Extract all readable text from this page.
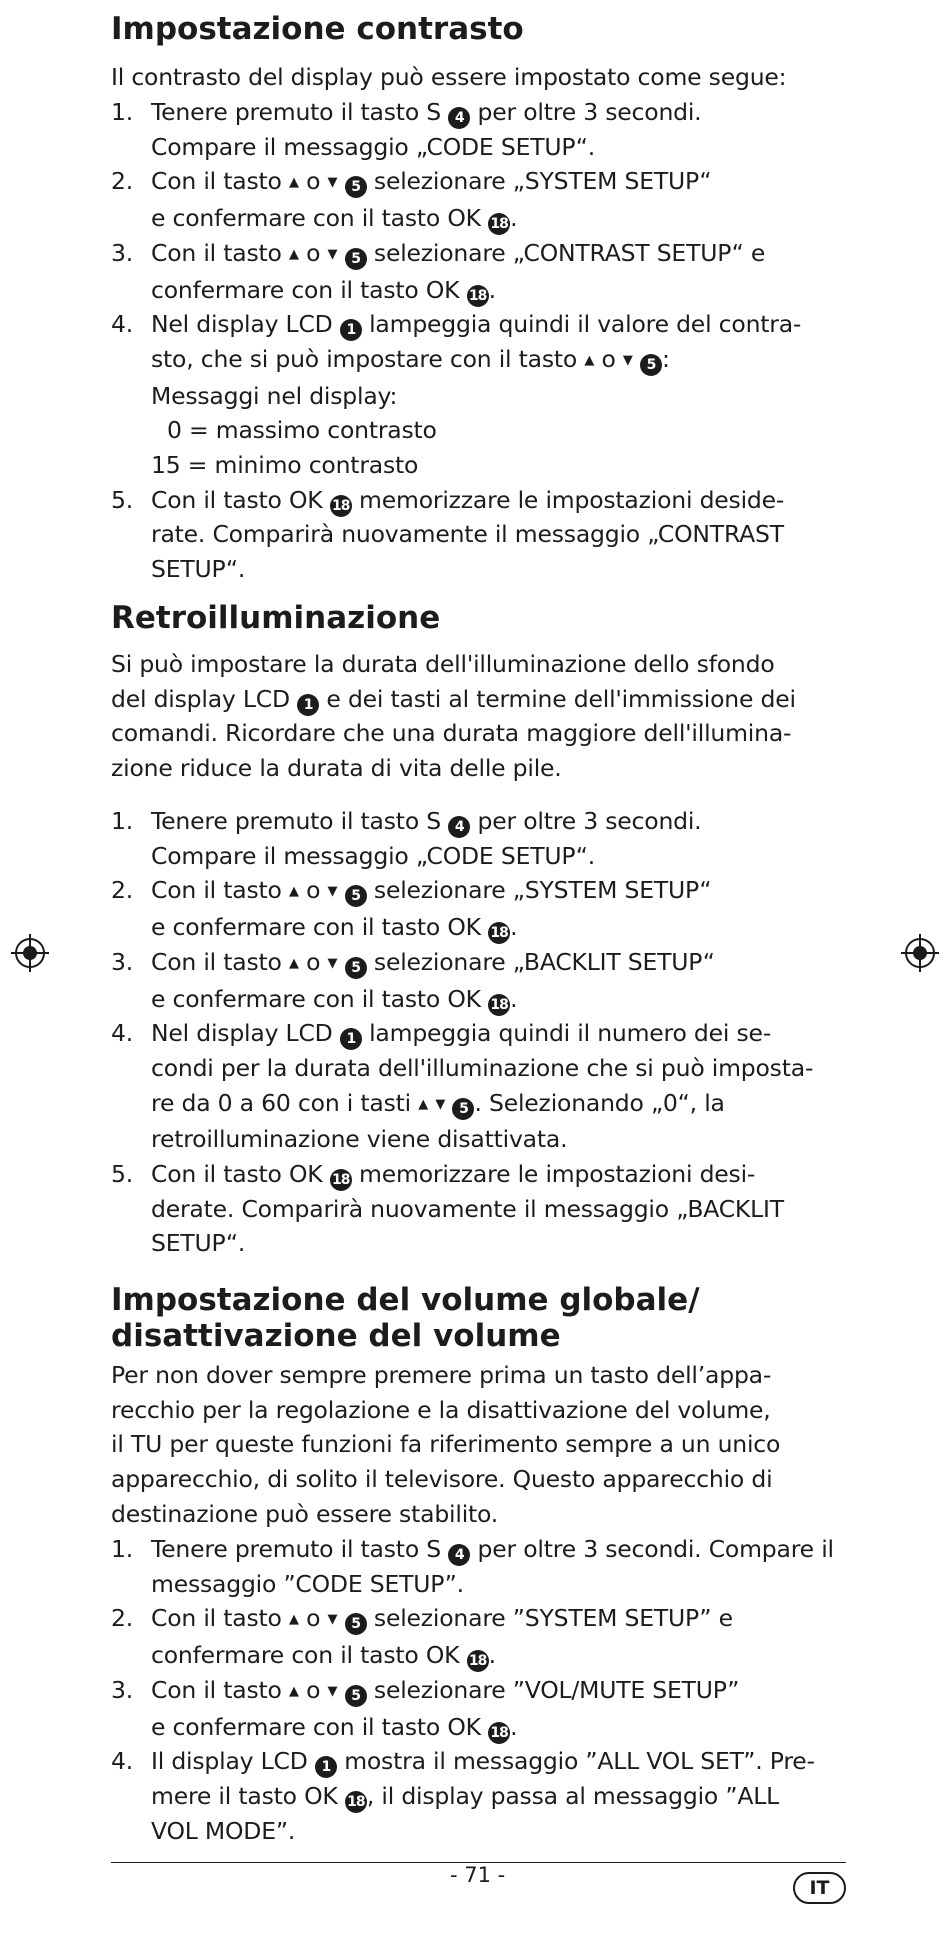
Impostazione contrasto

Il contrasto del display può essere impostato come segue:

1. Tenere premuto il tasto S 4 per oltre 3 secondi.
Compare il messaggio „CODE SETUP“.
2. Con il tasto ▲ o ▼ 5 selezionare „SYSTEM SETUP“
e confermare con il tasto OK 18.
3. Con il tasto ▲ o ▼ 5 selezionare „CONTRAST SETUP“ e
confermare con il tasto OK 18.
4. Nel display LCD 1 lampeggia quindi il valore del contra-
sto, che si può impostare con il tasto ▲ o ▼ 5 :
Messaggi nel display:
0 = massimo contrasto
15 = minimo contrasto
5. Con il tasto OK 18 memorizzare le impostazioni deside-
rate. Comparirà nuovamente il messaggio „CONTRAST
SETUP“.
Retroilluminazione
Si può impostare la durata dell'illuminazione dello sfondo
del display LCD 1 e dei tasti al termine dell'immissione dei
comandi. Ricordare che una durata maggiore dell'illumina-
zione riduce la durata di vita delle pile.
1. Tenere premuto il tasto S 4 per oltre 3 secondi.
Compare il messaggio „CODE SETUP“.
2. Con il tasto ▲ o ▼ 5 selezionare „SYSTEM SETUP“
e confermare con il tasto OK 18.
3. Con il tasto ▲ o ▼ 5 selezionare „BACKLIT SETUP“
e confermare con il tasto OK 18.
4. Nel display LCD 1 lampeggia quindi il numero dei se-
condi per la durata dell'illuminazione che si può imposta-
re da 0 a 60 con i tasti ▲ ▼ 5 . Selezionando „0“, la
retroilluminazione viene disattivata.
5. Con il tasto OK 18 memorizzare le impostazioni desi-
derate. Comparirà nuovamente il messaggio „BACKLIT
SETUP“.
Impostazione del volume globale/
disattivazione del volume
Per non dover sempre premere prima un tasto dell’appa-
recchio per la regolazione e la disattivazione del volume,
il TU per queste funzioni fa riferimento sempre a un unico
apparecchio, di solito il televisore. Questo apparecchio di
destinazione può essere stabilito.
1. Tenere premuto il tasto S 4 per oltre 3 secondi. Compare il
messaggio ”CODE SETUP”.
2. Con il tasto ▲ o ▼ 5 selezionare ”SYSTEM SETUP” e
confermare con il tasto OK 18.
3. Con il tasto ▲ o ▼ 5 selezionare ”VOL/MUTE SETUP”
e confermare con il tasto OK 18.
4. Il display LCD 1 mostra il messaggio ”ALL VOL SET”. Pre-
mere il tasto OK 18, il display passa al messaggio ”ALL
VOL MODE”.
- 71 -
IT
